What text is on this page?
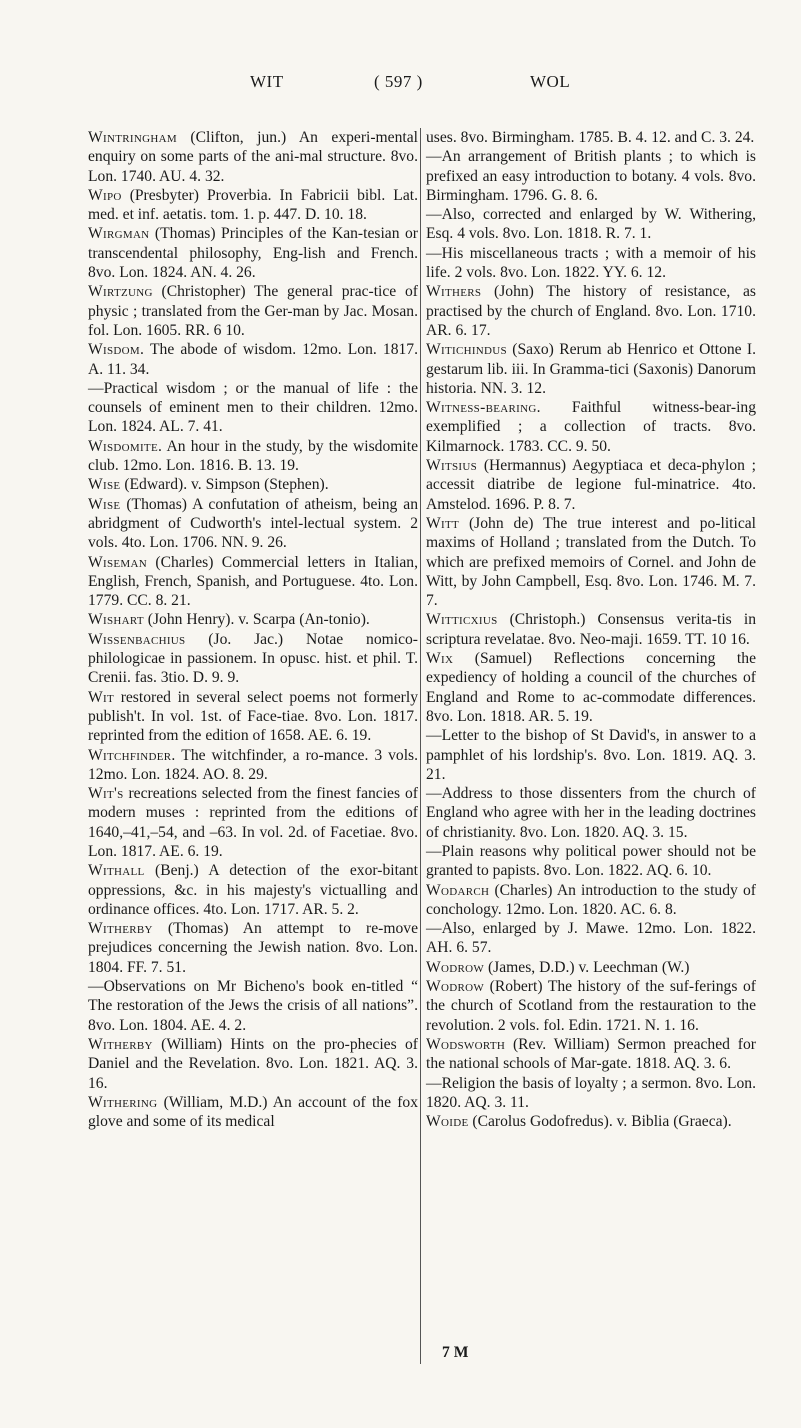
WIT	( 597 )	WOL

Wintringham (Clifton, jun.) An experi-mental enquiry on some parts of the ani-mal structure. 8vo. Lon. 1740. AU. 4. 32.

Wipo (Presbyter) Proverbia. In Fabricii bibl. Lat. med. et inf. aetatis. tom. 1. p. 447. D. 10. 18.

Wirgman (Thomas) Principles of the Kan-tesian or transcendental philosophy, Eng-lish and French. 8vo. Lon. 1824. AN. 4. 26.

Wirtzung (Christopher) The general prac-tice of physic ; translated from the Ger-man by Jac. Mosan. fol. Lon. 1605. RR. 6 10.

Wisdom. The abode of wisdom. 12mo. Lon. 1817. A. 11. 34.

—Practical wisdom ; or the manual of life : the counsels of eminent men to their children. 12mo. Lon. 1824. AL. 7. 41.

Wisdomite. An hour in the study, by the wisdomite club. 12mo. Lon. 1816. B. 13. 19.

Wise (Edward). v. Simpson (Stephen).

Wise (Thomas) A confutation of atheism, being an abridgment of Cudworth's intel-lectual system. 2 vols. 4to. Lon. 1706. NN. 9. 26.

Wiseman (Charles) Commercial letters in Italian, English, French, Spanish, and Portuguese. 4to. Lon. 1779. CC. 8. 21.

Wishart (John Henry). v. Scarpa (An-tonio).

Wissenbachius (Jo. Jac.) Notae nomico-philologicae in passionem. In opusc. hist. et phil. T. Crenii. fas. 3tio. D. 9. 9.

Wit restored in several select poems not formerly publish't. In vol. 1st. of Face-tiae. 8vo. Lon. 1817. reprinted from the edition of 1658. AE. 6. 19.

Witchfinder. The witchfinder, a ro-mance. 3 vols. 12mo. Lon. 1824. AO. 8. 29.

Wit's recreations selected from the finest fancies of modern muses : reprinted from the editions of 1640,–41,–54, and –63. In vol. 2d. of Facetiae. 8vo. Lon. 1817. AE. 6. 19.

Withall (Benj.) A detection of the exor-bitant oppressions, &c. in his majesty's victualling and ordinance offices. 4to. Lon. 1717. AR. 5. 2.

Witherby (Thomas) An attempt to re-move prejudices concerning the Jewish nation. 8vo. Lon. 1804. FF. 7. 51.

—Observations on Mr Bicheno's book en-titled “ The restoration of the Jews the crisis of all nations”. 8vo. Lon. 1804. AE. 4. 2.

Witherby (William) Hints on the pro-phecies of Daniel and the Revelation. 8vo. Lon. 1821. AQ. 3. 16.

Withering (William, M.D.) An account of the fox glove and some of its medical

uses. 8vo. Birmingham. 1785. B. 4. 12. and C. 3. 24.

—An arrangement of British plants ; to which is prefixed an easy introduction to botany. 4 vols. 8vo. Birmingham. 1796. G. 8. 6.

—Also, corrected and enlarged by W. Withering, Esq. 4 vols. 8vo. Lon. 1818. R. 7. 1.

—His miscellaneous tracts ; with a memoir of his life. 2 vols. 8vo. Lon. 1822. YY. 6. 12.

Withers (John) The history of resistance, as practised by the church of England. 8vo. Lon. 1710. AR. 6. 17.

Witichindus (Saxo) Rerum ab Henrico et Ottone I. gestarum lib. iii. In Gramma-tici (Saxonis) Danorum historia. NN. 3. 12.

Witness-bearing. Faithful witness-bear-ing exemplified ; a collection of tracts. 8vo. Kilmarnock. 1783. CC. 9. 50.

Witsius (Hermannus) Aegyptiaca et deca-phylon ; accessit diatribe de legione ful-minatrice. 4to. Amstelod. 1696. P. 8. 7.

Witt (John de) The true interest and po-litical maxims of Holland ; translated from the Dutch. To which are prefixed memoirs of Cornel. and John de Witt, by John Campbell, Esq. 8vo. Lon. 1746. M. 7. 7.

Witticхius (Christoph.) Consensus verita-tis in scriptura revelatae. 8vo. Neo-maji. 1659. TT. 10 16.

Wix (Samuel) Reflections concerning the expediency of holding a council of the churches of England and Rome to ac-commodate differences. 8vo. Lon. 1818. AR. 5. 19.

—Letter to the bishop of St David's, in answer to a pamphlet of his lordship's. 8vo. Lon. 1819. AQ. 3. 21.

—Address to those dissenters from the church of England who agree with her in the leading doctrines of christianity. 8vo. Lon. 1820. AQ. 3. 15.

—Plain reasons why political power should not be granted to papists. 8vo. Lon. 1822. AQ. 6. 10.

Wodarch (Charles) An introduction to the study of conchology. 12mo. Lon. 1820. AC. 6. 8.

—Also, enlarged by J. Mawe. 12mo. Lon. 1822. AH. 6. 57.

Wodrow (James, D.D.) v. Leechman (W.)

Wodrow (Robert) The history of the suf-ferings of the church of Scotland from the restauration to the revolution. 2 vols. fol. Edin. 1721. N. 1. 16.

Wodsworth (Rev. William) Sermon preached for the national schools of Mar-gate. 1818. AQ. 3. 6.

—Religion the basis of loyalty ; a sermon. 8vo. Lon. 1820. AQ. 3. 11.

Woide (Carolus Godofredus). v. Biblia (Graeca).

7 M
